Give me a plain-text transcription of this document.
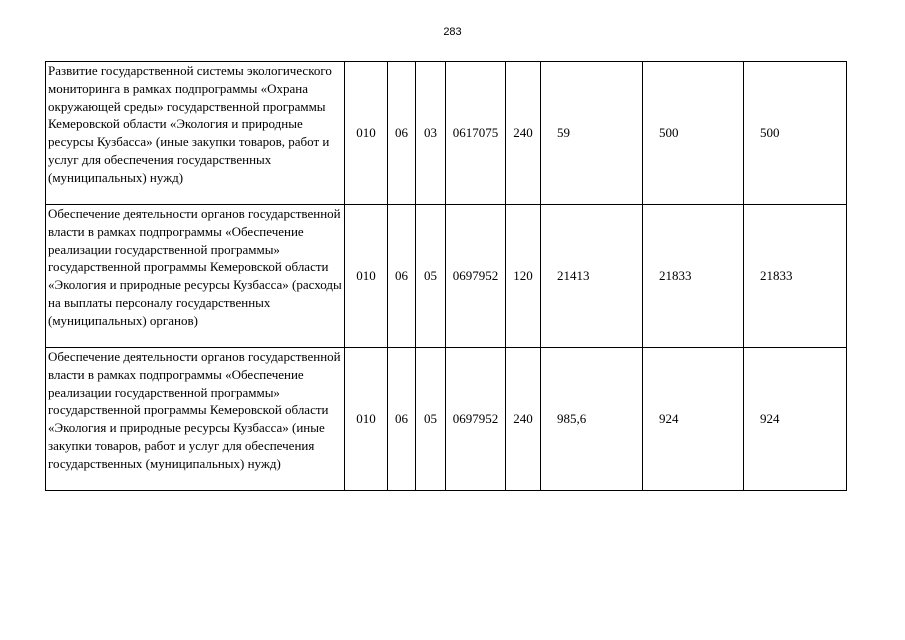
283
Развитие государственной системы экологического мониторинга в рамках подпрограммы «Охрана окружающей среды» государственной программы Кемеровской области «Экология и природные ресурсы Кузбасса» (иные закупки товаров, работ и услуг для обеспечения государственных (муниципальных) нужд)	010	06	03	0617075	240	59	500	500
Обеспечение деятельности органов государственной власти в рамках подпрограммы «Обеспечение реализации государственной программы» государственной программы Кемеровской области «Экология и природные ресурсы Кузбасса» (расходы на выплаты персоналу государственных (муниципальных) органов)	010	06	05	0697952	120	21413	21833	21833
Обеспечение деятельности органов государственной власти в рамках подпрограммы «Обеспечение реализации государственной программы» государственной программы Кемеровской области «Экология и природные ресурсы Кузбасса» (иные закупки товаров, работ и услуг для обеспечения государственных (муниципальных) нужд)	010	06	05	0697952	240	985,6	924	924
